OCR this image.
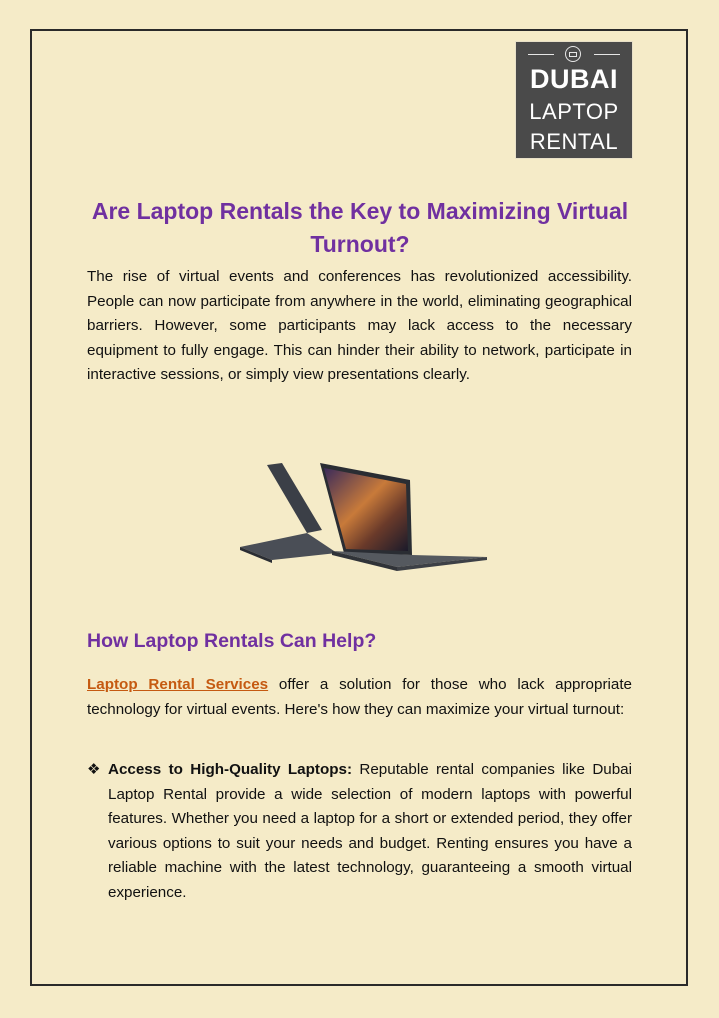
DUBAI
LAPTOP
RENTAL
Are Laptop Rentals the Key to Maximizing Virtual Turnout?

The rise of virtual events and conferences has revolutionized accessibility. People can now participate from anywhere in the world, eliminating geographical barriers. However, some participants may lack access to the necessary equipment to fully engage. This can hinder their ability to network, participate in interactive sessions, or simply view presentations clearly.

How Laptop Rentals Can Help?

Laptop Rental Services offer a solution for those who lack appropriate technology for virtual events. Here's how they can maximize your virtual turnout:

❖ Access to High-Quality Laptops: Reputable rental companies like Dubai Laptop Rental provide a wide selection of modern laptops with powerful features. Whether you need a laptop for a short or extended period, they offer various options to suit your needs and budget. Renting ensures you have a reliable machine with the latest technology, guaranteeing a smooth virtual experience.
